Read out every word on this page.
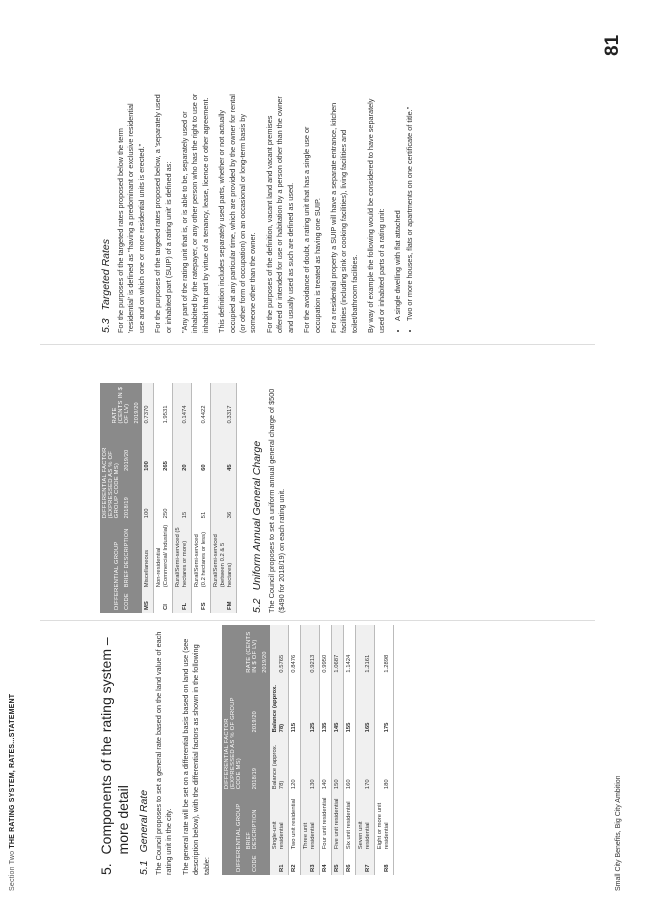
Section Two THE RATING SYSTEM, RATES...STATEMENT
5.
Components of the rating system – more detail
5.1General Rate The Council proposes to set a general rate based on the land value of each rating unit in the city. The general rate will be set on a differential basis based on land use (see description below), with the differential factors as shown in the following table:	DIFFERENTIAL GROUP		DIFFERENTIAL FACTOR (EXPRESSED AS % OF GROUP CODE MS)		RATE (CENTS IN $ OF LV)
CODE	BRIEF DESCRIPTION	2018/19	2019/20	
				2019/20
R1	Single-unit residential	Balance (approx. 78)	Balance (approx. 78)	0.5765
R2	Two unit residential	120	115	0.8476
R3	Three unit residential	130	125	0.9213
R4	Four unit residential	140	135	0.9950
R5	Five unit residential	150	145	1.0687
R6	Six unit residential	160	155	1.1424
R7	Seven unit residential	170	165	1.2161
R8	Eight or more unit residential	180	175	1.2898
DIFFERENTIAL GROUP		DIFFERENTIAL FACTOR (EXPRESSED AS % OF GROUP CODE MS)		RATE (CENTS IN $ OF LV)
CODE	BRIEF DESCRIPTION	2018/19	2019/20	
				2019/20
MS	Miscellaneous	100	100	0.7370
CI	Non-residential (Commercial/ Industrial)	250	265	1.9531
FL	Rural/Semi-serviced (5 hectares or more)	15	20	0.1474
FS	Rural/Semi-serviced (0.2 hectares or less)	51	60	0.4422
FM	Rural/Semi-serviced (between 0.2 & 5 hectares)	36	45	0.3317
5.2Uniform Annual General Charge The Council proposes to set a uniform annual general charge of $500 ($490 for 2018/19) on each rating unit.

5.3Targeted Rates For the purposes of the targeted rates proposed below the term 'residential' is defined as "having a predominant or exclusive residential use and on which one or more residential units is erected." For the purposes of the targeted rates proposed below, a 'separately used or inhabited part (SUIP) of a rating unit' is defined as: "Any part of the rating unit that is, or is able to be, separately used or inhabited by the ratepayer, or any other person who has the right to use or inhabit that part by virtue of a tenancy, lease, licence or other agreement. This definition includes separately used parts, whether or not actually occupied at any particular time, which are provided by the owner for rental (or other form of occupation) on an occasional or long-term basis by someone other than the owner. For the purposes of the definition, vacant land and vacant premises offered or intended for use or habitation by a person other than the owner and usually used as such are defined as used. For the avoidance of doubt, a rating unit that has a single use or occupation is treated as having one SUIP. For a residential property a SUIP will have a separate entrance, kitchen facilities (including sink or cooking facilities), living facilities and toilet/bathroom facilities. By way of example the following would be considered to have separately used or inhabited parts of a rating unit: • A single dwelling with flat attached • Two or more houses, flats or apartments on one certificate of title."
Small City Benefits, Big City Ambition
81
